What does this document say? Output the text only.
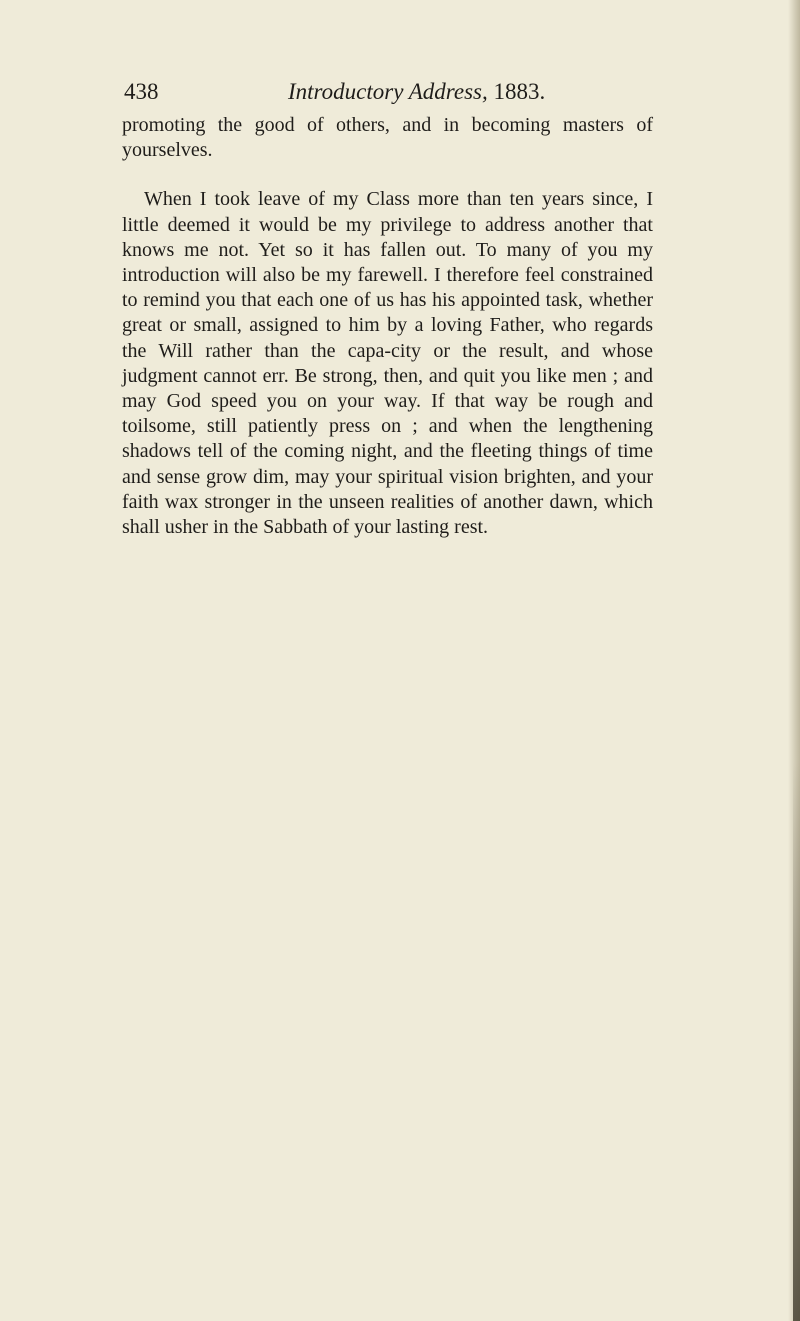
438	Introductory Address, 1883.

promoting the good of others, and in becoming masters of yourselves.

When I took leave of my Class more than ten years since, I little deemed it would be my privilege to address another that knows me not. Yet so it has fallen out. To many of you my introduction will also be my farewell. I therefore feel constrained to remind you that each one of us has his appointed task, whether great or small, assigned to him by a loving Father, who regards the Will rather than the capa-city or the result, and whose judgment cannot err. Be strong, then, and quit you like men ; and may God speed you on your way. If that way be rough and toilsome, still patiently press on ; and when the lengthening shadows tell of the coming night, and the fleeting things of time and sense grow dim, may your spiritual vision brighten, and your faith wax stronger in the unseen realities of another dawn, which shall usher in the Sabbath of your lasting rest.
